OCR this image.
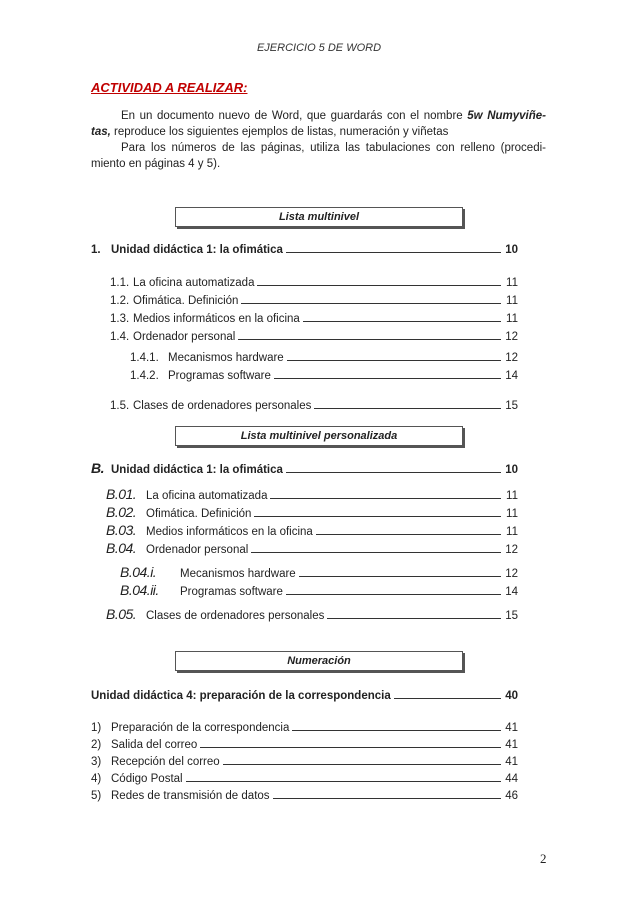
EJERCICIO 5 DE WORD
ACTIVIDAD A REALIZAR:

En un documento nuevo de Word, que guardarás con el nombre 5w Numyviñe-tas, reproduce los siguientes ejemplos de listas, numeración y viñetas

Para los números de las páginas, utiliza las tabulaciones con relleno (procedi-miento en páginas 4 y 5).

Lista multinivel
Lista multinivel personalizada
Numeración
1. Unidad didáctica 1: la ofimática	10
1.1. La oficina automatizada	11
1.2. Ofimática. Definición	11
1.3. Medios informáticos en la oficina	11
1.4. Ordenador personal	12
1.4.1. Mecanismos hardware	12
1.4.2. Programas software	14
1.5. Clases de ordenadores personales	15
B. Unidad didáctica 1: la ofimática	10
B.01. La oficina automatizada	11
B.02. Ofimática. Definición	11
B.03. Medios informáticos en la oficina	11
B.04. Ordenador personal	12
B.04.i.	Mecanismos hardware	12
B.04.ii.	Programas software	14
B.05. Clases de ordenadores personales	15
Unidad didáctica 4: preparación de la correspondencia	40
1) Preparación de la correspondencia	41
2) Salida del correo	41
3) Recepción del correo	41
4) Código Postal	44
5) Redes de transmisión de datos	46
2
